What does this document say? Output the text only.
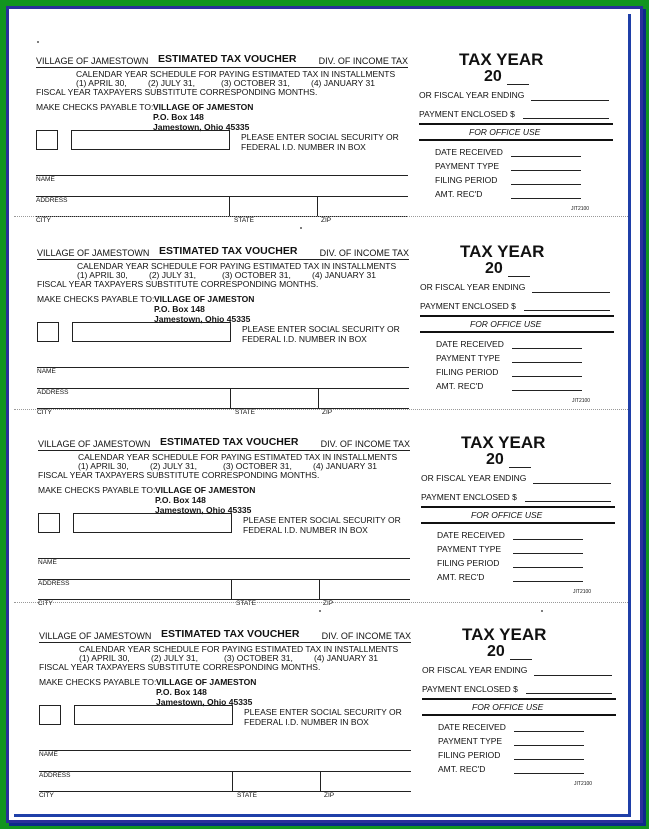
VILLAGE OF JAMESTOWN ESTIMATED TAX VOUCHER DIV. OF INCOME TAX
CALENDAR YEAR SCHEDULE FOR PAYING ESTIMATED TAX IN INSTALLMENTS
(1) APRIL 30,	(2) JULY 31,	(3) OCTOBER 31, (4) JANUARY 31
FISCAL YEAR TAXPAYERS SUBSTITUTE CORRESPONDING MONTHS.
MAKE CHECKS PAYABLE TO: VILLAGE OF JAMESTON
P.O. Box 148
Jamestown, Ohio 45335
PLEASE ENTER SOCIAL SECURITY OR
FEDERAL I.D. NUMBER IN BOX
NAME
ADDRESS
CITY	STATE	ZIP
TAX YEAR
20
OR FISCAL YEAR ENDING
PAYMENT ENCLOSED $
FOR OFFICE USE
DATE RECEIVED
PAYMENT TYPE
FILING PERIOD
AMT. REC'D
JIT2100
VILLAGE OF JAMESTOWN ESTIMATED TAX VOUCHER DIV. OF INCOME TAX
CALENDAR YEAR SCHEDULE FOR PAYING ESTIMATED TAX IN INSTALLMENTS
(1) APRIL 30,	(2) JULY 31,	(3) OCTOBER 31, (4) JANUARY 31
FISCAL YEAR TAXPAYERS SUBSTITUTE CORRESPONDING MONTHS.
MAKE CHECKS PAYABLE TO: VILLAGE OF JAMESTON
P.O. Box 148
Jamestown, Ohio 45335
PLEASE ENTER SOCIAL SECURITY OR
FEDERAL I.D. NUMBER IN BOX
NAME
ADDRESS
CITY	STATE	ZIP
TAX YEAR
20
OR FISCAL YEAR ENDING
PAYMENT ENCLOSED $
FOR OFFICE USE
DATE RECEIVED
PAYMENT TYPE
FILING PERIOD
AMT. REC'D
JIT2100
VILLAGE OF JAMESTOWN ESTIMATED TAX VOUCHER DIV. OF INCOME TAX
CALENDAR YEAR SCHEDULE FOR PAYING ESTIMATED TAX IN INSTALLMENTS
(1) APRIL 30,	(2) JULY 31,	(3) OCTOBER 31, (4) JANUARY 31
FISCAL YEAR TAXPAYERS SUBSTITUTE CORRESPONDING MONTHS.
MAKE CHECKS PAYABLE TO: VILLAGE OF JAMESTON
P.O. Box 148
Jamestown, Ohio 45335
PLEASE ENTER SOCIAL SECURITY OR
FEDERAL I.D. NUMBER IN BOX
NAME
ADDRESS
CITY	STATE	ZIP
TAX YEAR
20
OR FISCAL YEAR ENDING
PAYMENT ENCLOSED $
FOR OFFICE USE
DATE RECEIVED
PAYMENT TYPE
FILING PERIOD
AMT. REC'D
JIT2100
VILLAGE OF JAMESTOWN ESTIMATED TAX VOUCHER DIV. OF INCOME TAX
CALENDAR YEAR SCHEDULE FOR PAYING ESTIMATED TAX IN INSTALLMENTS
(1) APRIL 30,	(2) JULY 31,	(3) OCTOBER 31, (4) JANUARY 31
FISCAL YEAR TAXPAYERS SUBSTITUTE CORRESPONDING MONTHS.
MAKE CHECKS PAYABLE TO: VILLAGE OF JAMESTON
P.O. Box 148
Jamestown, Ohio 45335
PLEASE ENTER SOCIAL SECURITY OR
FEDERAL I.D. NUMBER IN BOX
NAME
ADDRESS
CITY	STATE	ZIP
TAX YEAR
20
OR FISCAL YEAR ENDING
PAYMENT ENCLOSED $
FOR OFFICE USE
DATE RECEIVED
PAYMENT TYPE
FILING PERIOD
AMT. REC'D
JIT2100
